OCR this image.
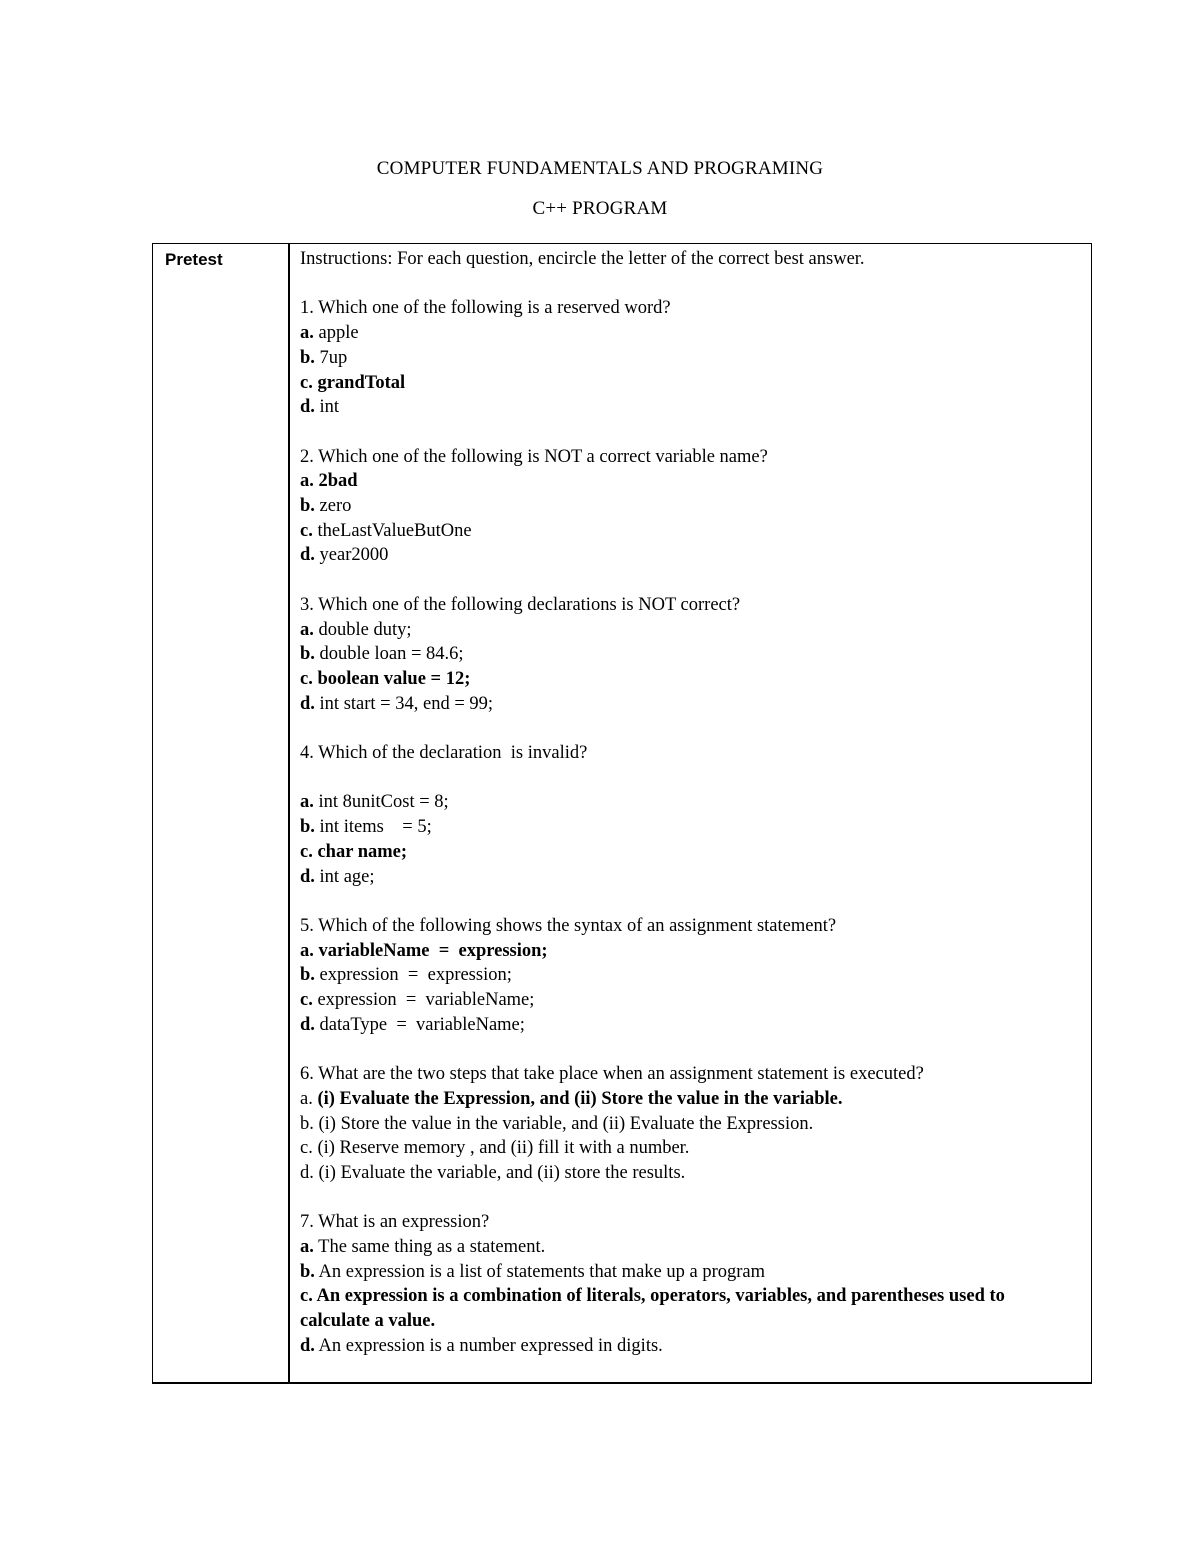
COMPUTER FUNDAMENTALS AND PROGRAMING
C++ PROGRAM
Pretest	Instructions: For each question, encircle the letter of the correct best answer.
1. Which one of the following is a reserved word?
a. apple
b. 7up
c. grandTotal
d. int
2. Which one of the following is NOT a correct variable name?
a. 2bad
b. zero
c. theLastValueButOne
d. year2000
3. Which one of the following declarations is NOT correct?
a. double duty;
b. double loan = 84.6;
c. boolean value = 12;
d. int start = 34, end = 99;
4. Which of the declaration  is invalid?
a. int 8unitCost = 8;
b. int items    = 5;
c. char name;
d. int age;
5. Which of the following shows the syntax of an assignment statement?
a. variableName  =  expression;
b. expression  =  expression;
c. expression  =  variableName;
d. dataType  =  variableName;
6. What are the two steps that take place when an assignment statement is executed?
a. (i) Evaluate the Expression, and (ii) Store the value in the variable.
b. (i) Store the value in the variable, and (ii) Evaluate the Expression.
c. (i) Reserve memory , and (ii) fill it with a number.
d. (i) Evaluate the variable, and (ii) store the results.
7. What is an expression?
a. The same thing as a statement.
b. An expression is a list of statements that make up a program
c. An expression is a combination of literals, operators, variables, and parentheses used to calculate a value.
d. An expression is a number expressed in digits.
